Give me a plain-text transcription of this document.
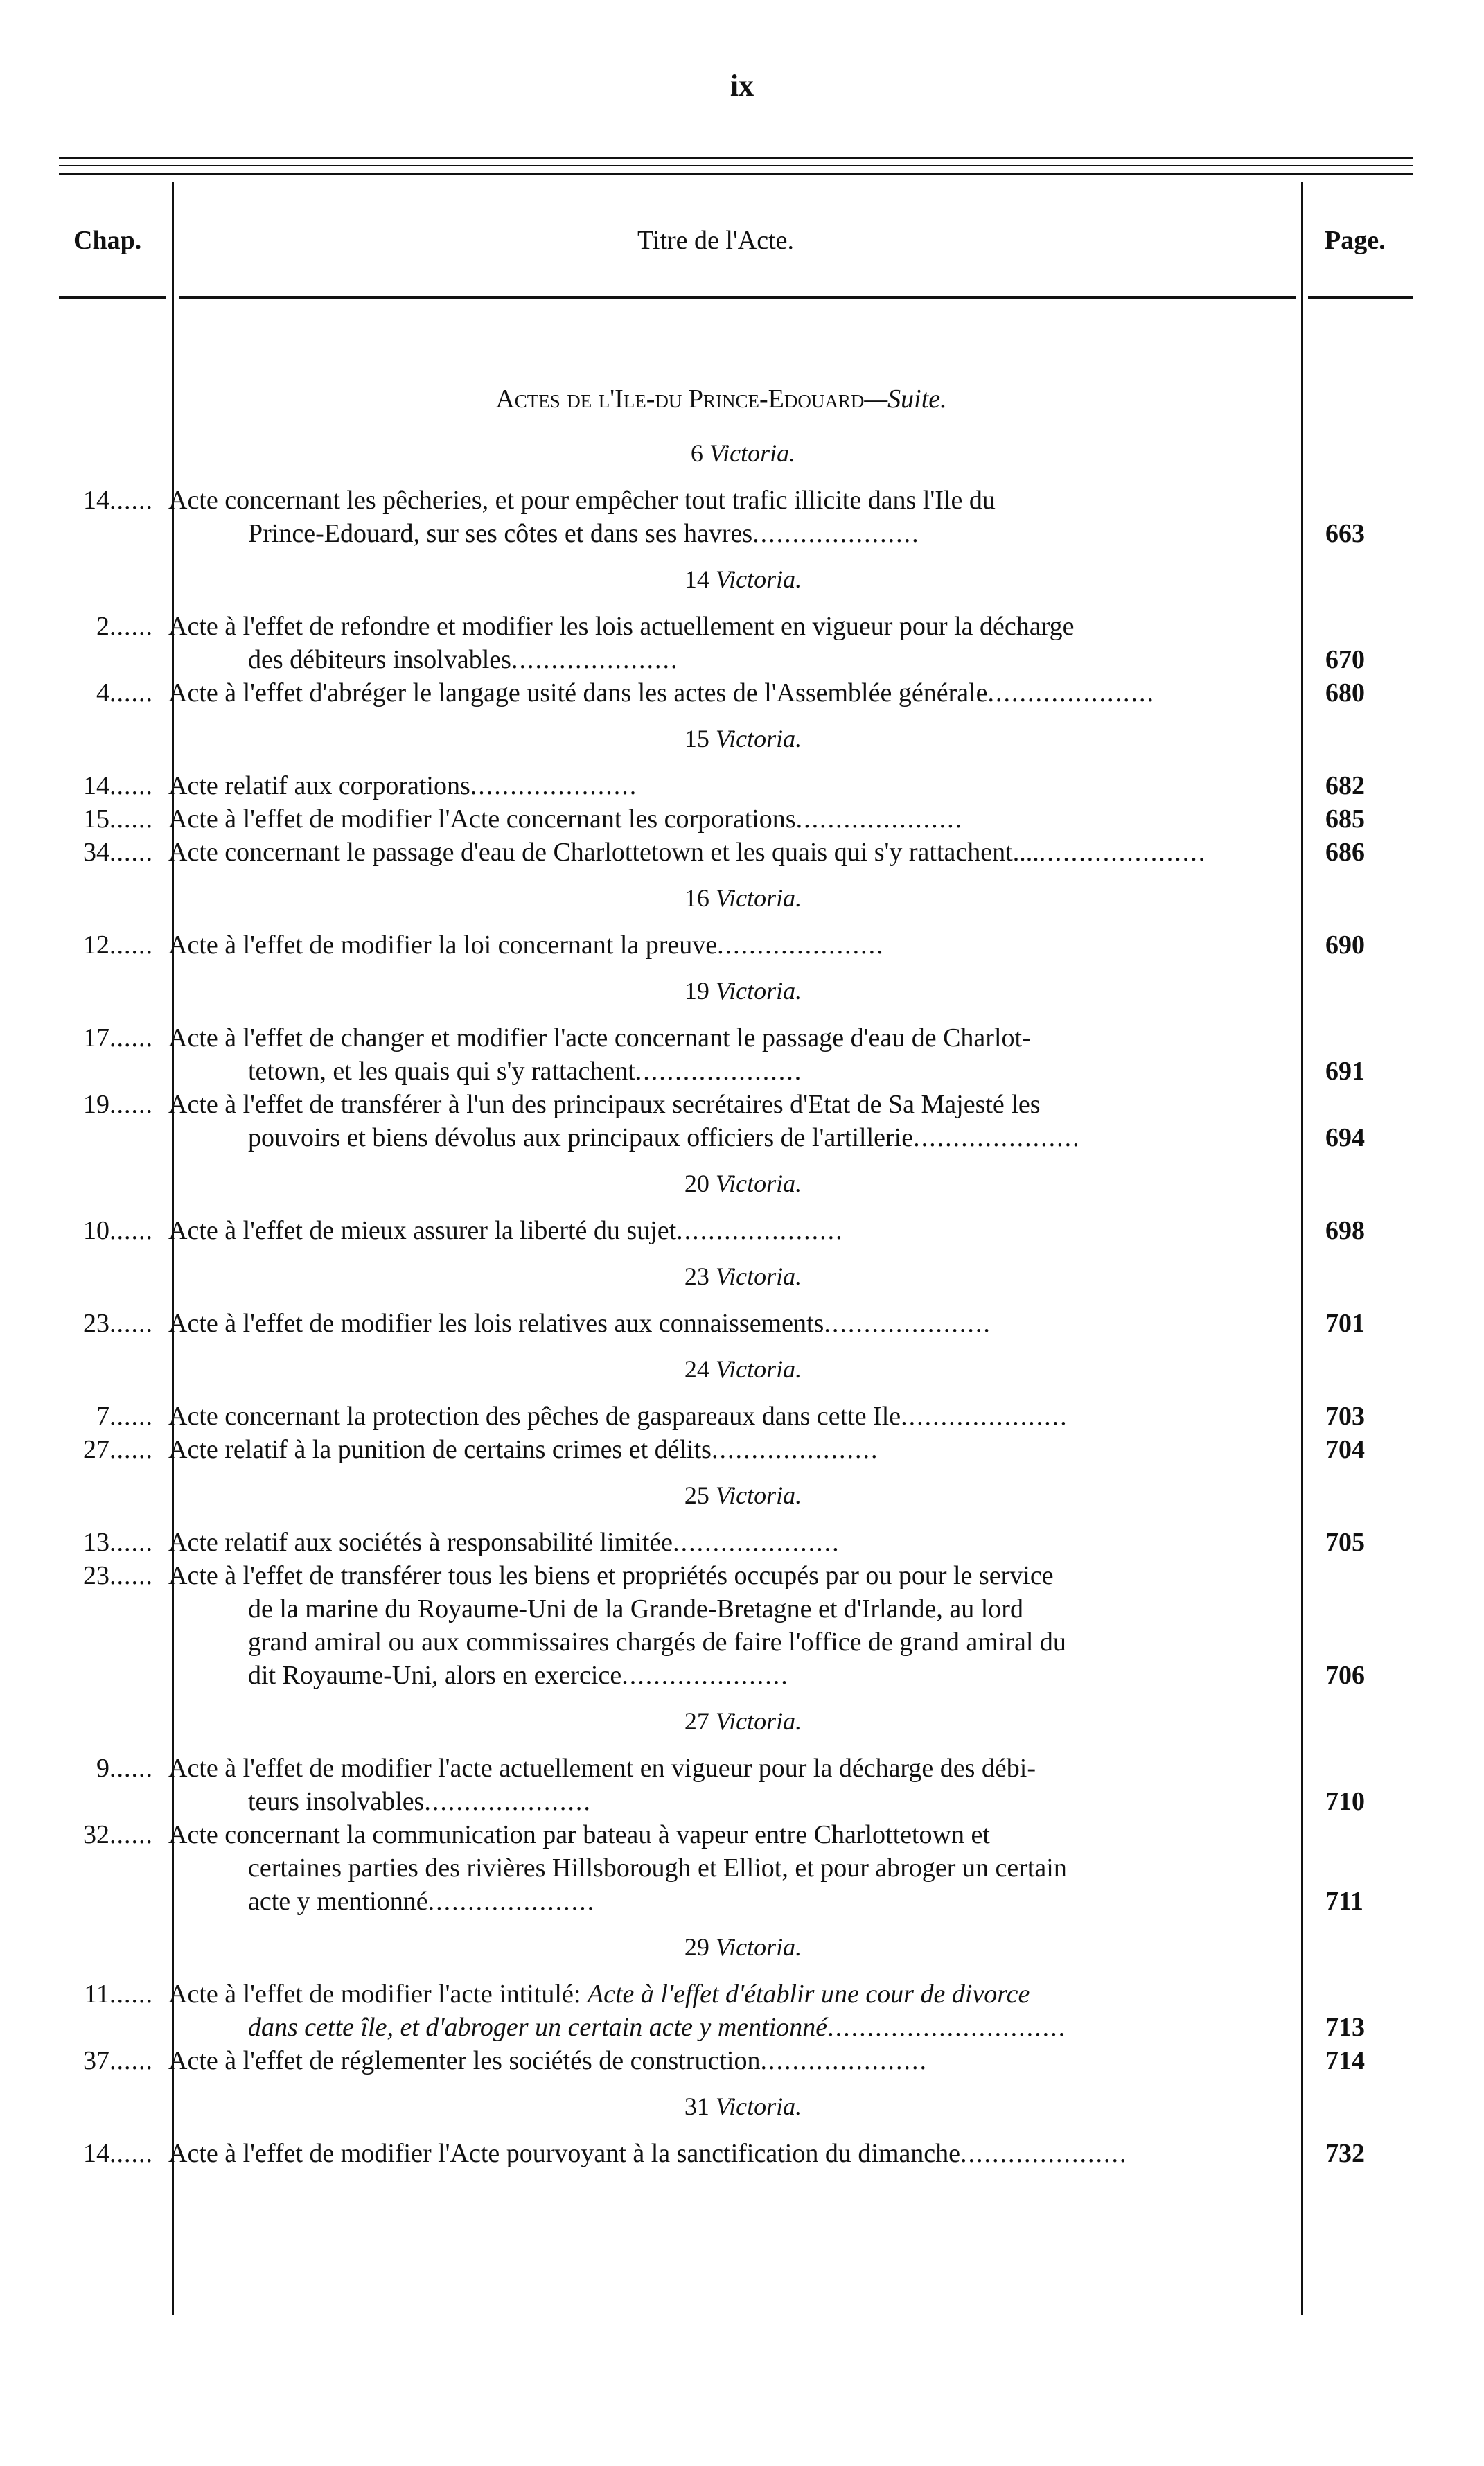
ix
Chap.	Titre de l'Acte.	Page.
Actes de l'Ile-du Prince-Edouard—Suite.
6 Victoria.
14...... Acte concernant les pêcheries, et pour empêcher tout trafic illicite dans l'Ile du
Prince-Edouard, sur ses côtes et dans ses havres.....................	663
14 Victoria.
2...... Acte à l'effet de refondre et modifier les lois actuellement en vigueur pour la décharge
des débiteurs insolvables.....................	670
4...... Acte à l'effet d'abréger le langage usité dans les actes de l'Assemblée générale.....................	680
15 Victoria.
14...... Acte relatif aux corporations.....................	682
15...... Acte à l'effet de modifier l'Acte concernant les corporations.....................	685
34...... Acte concernant le passage d'eau de Charlottetown et les quais qui s'y rattachent.........................	686
16 Victoria.
12...... Acte à l'effet de modifier la loi concernant la preuve.....................	690
19 Victoria.
17...... Acte à l'effet de changer et modifier l'acte concernant le passage d'eau de Charlot-
tetown, et les quais qui s'y rattachent.....................	691
19...... Acte à l'effet de transférer à l'un des principaux secrétaires d'Etat de Sa Majesté les
pouvoirs et biens dévolus aux principaux officiers de l'artillerie.....................	694
20 Victoria.
10...... Acte à l'effet de mieux assurer la liberté du sujet.....................	698
23 Victoria.
23...... Acte à l'effet de modifier les lois relatives aux connaissements.....................	701
24 Victoria.
7...... Acte concernant la protection des pêches de gaspareaux dans cette Ile.....................	703
27...... Acte relatif à la punition de certains crimes et délits.....................	704
25 Victoria.
13...... Acte relatif aux sociétés à responsabilité limitée.....................	705
23...... Acte à l'effet de transférer tous les biens et propriétés occupés par ou pour le service
de la marine du Royaume-Uni de la Grande-Bretagne et d'Irlande, au lord
grand amiral ou aux commissaires chargés de faire l'office de grand amiral du
dit Royaume-Uni, alors en exercice.....................	706
27 Victoria.
9...... Acte à l'effet de modifier l'acte actuellement en vigueur pour la décharge des débi-
teurs insolvables.....................	710
32...... Acte concernant la communication par bateau à vapeur entre Charlottetown et
certaines parties des rivières Hillsborough et Elliot, et pour abroger un certain
acte y mentionné.....................	711
29 Victoria.
11...... Acte à l'effet de modifier l'acte intitulé: Acte à l'effet d'établir une cour de divorce
dans cette île, et d'abroger un certain acte y mentionné..............................	713
37...... Acte à l'effet de réglementer les sociétés de construction.....................	714
31 Victoria.
14...... Acte à l'effet de modifier l'Acte pourvoyant à la sanctification du dimanche.....................	732
